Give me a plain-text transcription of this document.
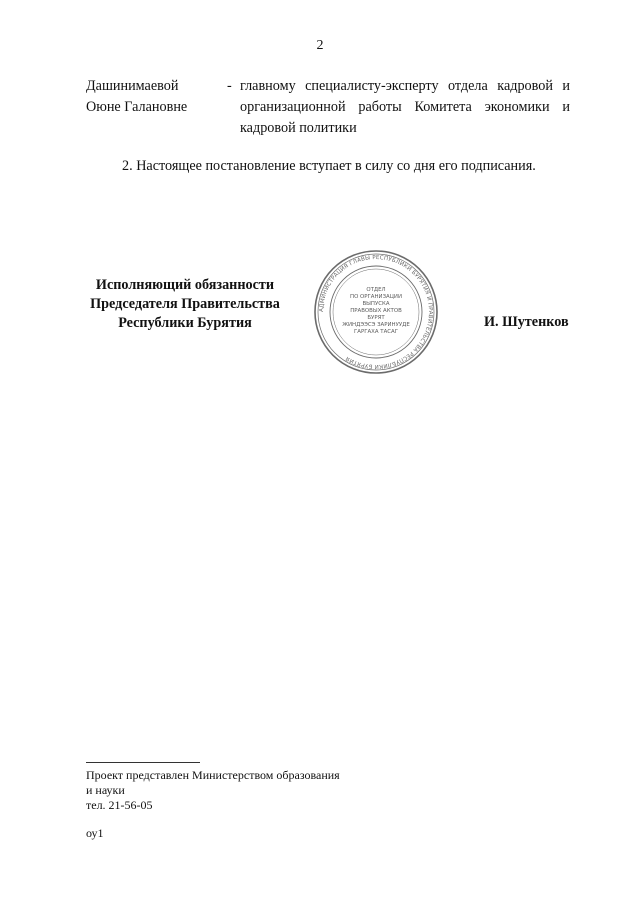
2
Дашинимаевой
Оюне Галановне
- главному специалисту-эксперту отдела кадровой и организационной работы Комитета экономики и кадровой политики
2. Настоящее постановление вступает в силу со дня его подписания.
Исполняющий обязанности
Председателя Правительства
Республики Бурятия
АДМИНИСТРАЦИЯ ГЛАВЫ РЕСПУБЛИКИ БУРЯТИЯ И ПРАВИТЕЛЬСТВА РЕСПУБЛИКИ БУРЯТИЯ
ОТДЕЛ
ПО ОРГАНИЗАЦИИ
ВЫПУСКА
ПРАВОВЫХ АКТОВ
БУРЯТ
ЖИНДЭЭСЭ ЗАРИНУУДЕ
ГАРГАХА ТАСАГ
И. Шутенков
Проект представлен Министерством образования
и науки
тел. 21-56-05
оу1
